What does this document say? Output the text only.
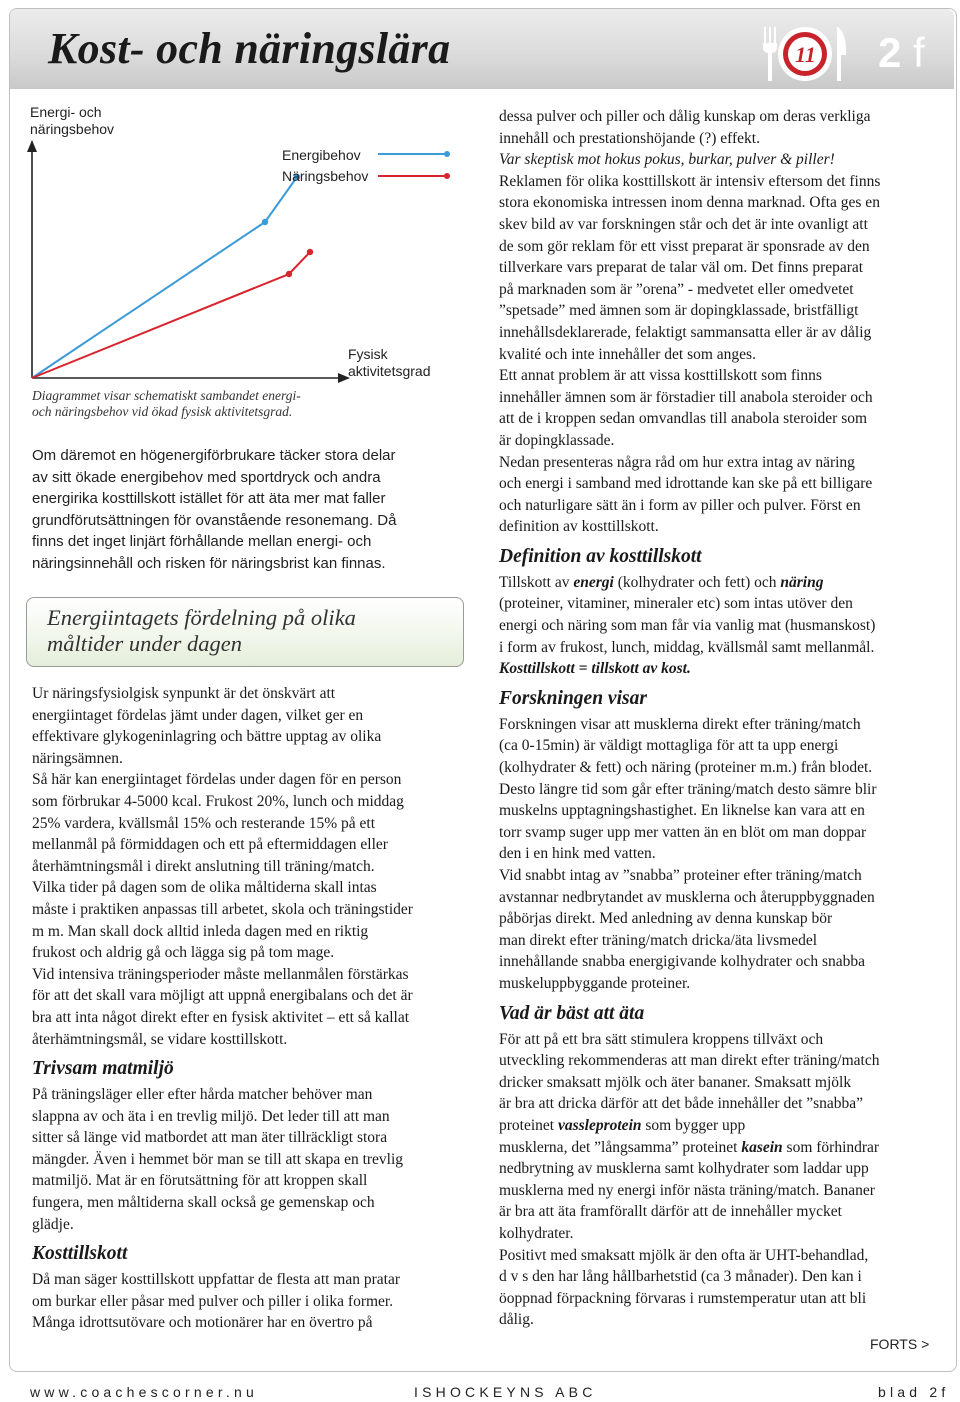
Kost- och näringslära	11	2 f
Energi- och
näringsbehov
Energibehov
Näringsbehov
Fysisk
aktivitetsgrad
Diagrammet visar schematiskt sambandet energi-
och näringsbehov vid ökad fysisk aktivitetsgrad.
Om däremot en högenergiförbrukare täcker stora delar
av sitt ökade energibehov med sportdryck och andra
energirika kosttillskott istället för att äta mer mat faller
grundförutsättningen för ovanstående resonemang. Då
finns det inget linjärt förhållande mellan energi- och
näringsinnehåll och risken för näringsbrist kan finnas.
Energiintagets fördelning på olika
måltider under dagen
Ur näringsfysiolgisk synpunkt är det önskvärt att
energiintaget fördelas jämt under dagen, vilket ger en
effektivare glykogeninlagring och bättre upptag av olika
näringsämnen.
Så här kan energiintaget fördelas under dagen för en person
som förbrukar 4-5000 kcal. Frukost 20%, lunch och middag
25% vardera, kvällsmål 15% och resterande 15% på ett
mellanmål på förmiddagen och ett på eftermiddagen eller
återhämtningsmål i direkt anslutning till träning/match.
Vilka tider på dagen som de olika måltiderna skall intas
måste i praktiken anpassas till arbetet, skola och träningstider
m m. Man skall dock alltid inleda dagen med en riktig
frukost och aldrig gå och lägga sig på tom mage.
Vid intensiva träningsperioder måste mellanmålen förstärkas
för att det skall vara möjligt att uppnå energibalans och det är
bra att inta något direkt efter en fysisk aktivitet – ett så kallat
återhämtningsmål, se vidare kosttillskott.
Trivsam matmiljö
På träningsläger eller efter hårda matcher behöver man
slappna av och äta i en trevlig miljö. Det leder till att man
sitter så länge vid matbordet att man äter tillräckligt stora
mängder. Även i hemmet bör man se till att skapa en trevlig
matmiljö. Mat är en förutsättning för att kroppen skall
fungera, men måltiderna skall också ge gemenskap och
glädje.
Kosttillskott
Då man säger kosttillskott uppfattar de flesta att man pratar
om burkar eller påsar med pulver och piller i olika former.
Många idrottsutövare och motionärer har en övertro på
dessa pulver och piller och dålig kunskap om deras verkliga
innehåll och prestationshöjande (?) effekt.
Var skeptisk mot hokus pokus, burkar, pulver & piller!
Reklamen för olika kosttillskott är intensiv eftersom det finns
stora ekonomiska intressen inom denna marknad. Ofta ges en
skev bild av var forskningen står och det är inte ovanligt att
de som gör reklam för ett visst preparat är sponsrade av den
tillverkare vars preparat de talar väl om. Det finns preparat
på marknaden som är ”orena” - medvetet eller omedvetet
”spetsade” med ämnen som är dopingklassade, bristfälligt
innehållsdeklarerade, felaktigt sammansatta eller är av dålig
kvalité och inte innehåller det som anges.
Ett annat problem är att vissa kosttillskott som finns
innehåller ämnen som är förstadier till anabola steroider och
att de i kroppen sedan omvandlas till anabola steroider som
är dopingklassade.
Nedan presenteras några råd om hur extra intag av näring
och energi i samband med idrottande kan ske på ett billigare
och naturligare sätt än i form av piller och pulver. Först en
definition av kosttillskott.
Definition av kosttillskott
Tillskott av energi (kolhydrater och fett) och näring
(proteiner, vitaminer, mineraler etc) som intas utöver den
energi och näring som man får via vanlig mat (husmanskost)
i form av frukost, lunch, middag, kvällsmål samt mellanmål.
Kosttillskott = tillskott av kost.
Forskningen visar
Forskningen visar att musklerna direkt efter träning/match
(ca 0-15min) är väldigt mottagliga för att ta upp energi
(kolhydrater & fett) och näring (proteiner m.m.) från blodet.
Desto längre tid som går efter träning/match desto sämre blir
muskelns upptagningshastighet. En liknelse kan vara att en
torr svamp suger upp mer vatten än en blöt om man doppar
den i en hink med vatten.
Vid snabbt intag av ”snabba” proteiner efter träning/match
avstannar nedbrytandet av musklerna och återuppbyggnaden
påbörjas direkt. Med anledning av denna kunskap bör
man direkt efter träning/match dricka/äta livsmedel
innehållande snabba energigivande kolhydrater och snabba
muskeluppbyggande proteiner.
Vad är bäst att äta
För att på ett bra sätt stimulera kroppens tillväxt och
utveckling rekommenderas att man direkt efter träning/match
dricker smaksatt mjölk och äter bananer. Smaksatt mjölk
är bra att dricka därför att det både innehåller det ”snabba”
proteinet vassleprotein som bygger upp
musklerna, det ”långsamma” proteinet kasein som förhindrar
nedbrytning av musklerna samt kolhydrater som laddar upp
musklerna med ny energi inför nästa träning/match. Bananer
är bra att äta framförallt därför att de innehåller mycket
kolhydrater.
Positivt med smaksatt mjölk är den ofta är UHT-behandlad,
d v s den har lång hållbarhetstid (ca 3 månader). Den kan i
öoppnad förpackning förvaras i rumstemperatur utan att bli
dålig.
FORTS >
www.coachescorner.nu	ISHOCKEYNS ABC	blad 2f
